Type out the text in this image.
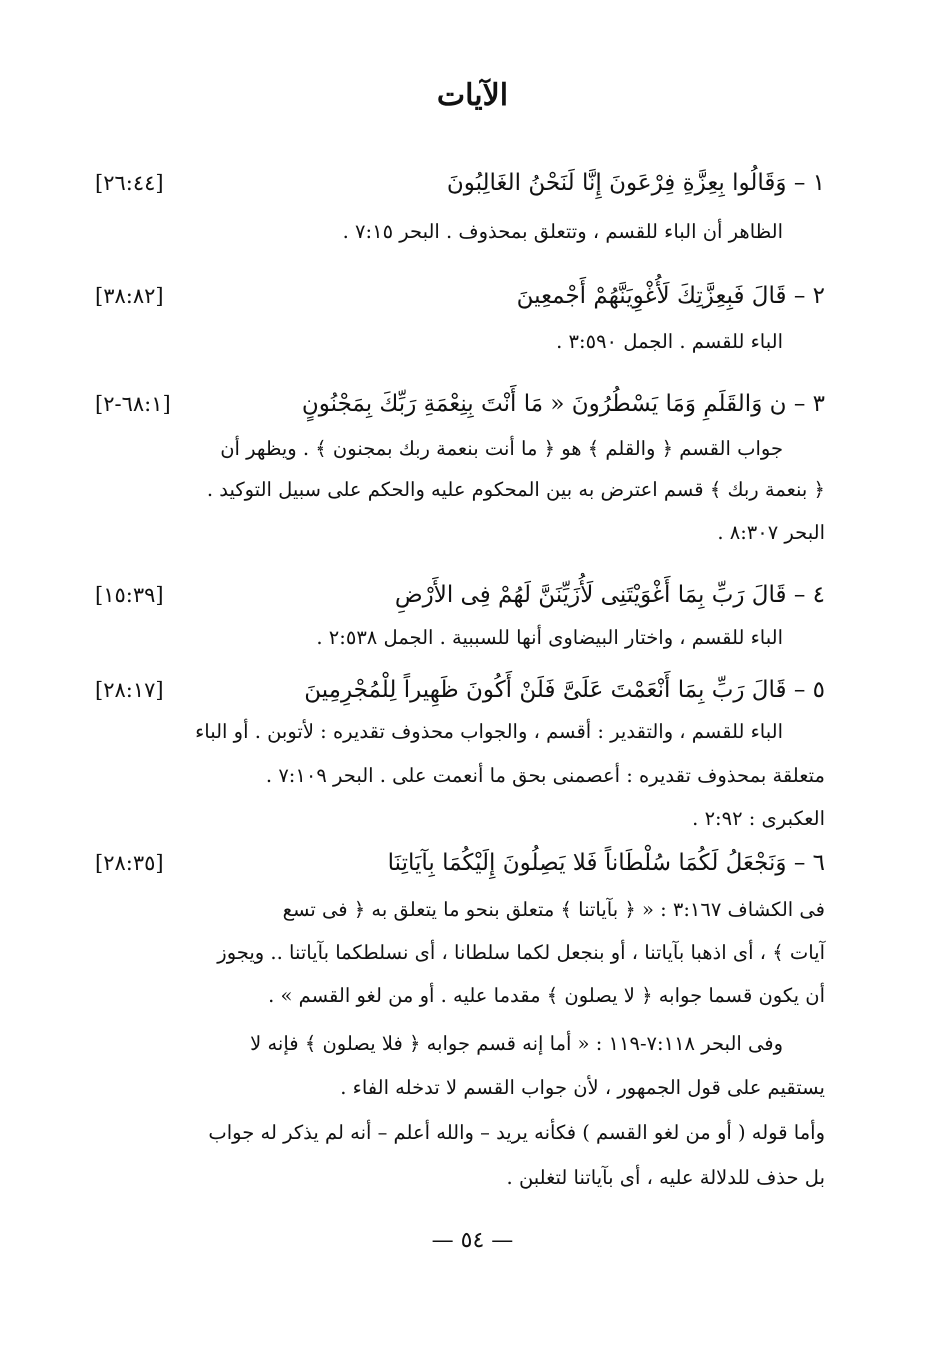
الآيات
١ – وَقَالُوا بِعِزَّةِ فِرْعَونَ إِنَّا لَنَحْنُ الغَالِبُونَ
[٢٦:٤٤]
الظاهر أن الباء للقسم ، وتتعلق بمحذوف . البحر ٧:١٥ .
٢ – قَالَ فَبِعِزَّتِكَ لَأُغْوِيَنَّهُمْ أَجْمعِينَ
[٣٨:٨٢]
الباء للقسم . الجمل ٣:٥٩٠ .
٣ – ن وَالقَلَمِ وَمَا يَسْطُرُونَ « مَا أَنْتَ بِنِعْمَةِ رَبِّكَ بِمَجْنُونٍ
[٦٨:١-٢]
جواب القسم ﴿ والقلم ﴾ هو ﴿ ما أنت بنعمة ربك بمجنون ﴾ . ويظهر أن
﴿ بنعمة ربك ﴾ قسم اعترض به بين المحكوم عليه والحكم على سبيل التوكيد .
البحر ٨:٣٠٧ .
٤ – قَالَ رَبِّ بِمَا أَغْوَيْتَنِى لَأُزَيِّنَنَّ لَهُمْ فِى الأَرْضِ
[١٥:٣٩]
الباء للقسم ، واختار البيضاوى أنها للسببية . الجمل ٢:٥٣٨ .
٥ – قَالَ رَبِّ بِمَا أَنْعَمْتَ عَلَىَّ فَلَنْ أَكُونَ ظَهِيراً لِلْمُجْرِمِينَ
[٢٨:١٧]
الباء للقسم ، والتقدير : أقسم ، والجواب محذوف تقديره : لأتوبن . أو الباء
متعلقة بمحذوف تقديره : أعصمنى بحق ما أنعمت على . البحر ٧:١٠٩ .
العكبرى : ٢:٩٢ .
٦ – وَنَجْعَلُ لَكُمَا سُلْطَاناً فَلا يَصِلُونَ إِلَيْكُمَا بِآيَاتِنَا
[٢٨:٣٥]
فى الكشاف ٣:١٦٧ : « ﴿ بآياتنا ﴾ متعلق بنحو ما يتعلق به ﴿ فى تسع
آيات ﴾ ، أى اذهبا بآياتنا ، أو بنجعل لكما سلطانا ، أى نسلطكما بآياتنا .. ويجوز
أن يكون قسما جوابه ﴿ لا يصلون ﴾ مقدما عليه . أو من لغو القسم » .
وفى البحر ٧:١١٨-١١٩ : « أما إنه قسم جوابه ﴿ فلا يصلون ﴾ فإنه لا
يستقيم على قول الجمهور ، لأن جواب القسم لا تدخله الفاء .
وأما قوله ( أو من لغو القسم ) فكأنه يريد – والله أعلم – أنه لم يذكر له جواب
بل حذف للدلالة عليه ، أى بآياتنا لتغلبن .
— ٥٤ —
